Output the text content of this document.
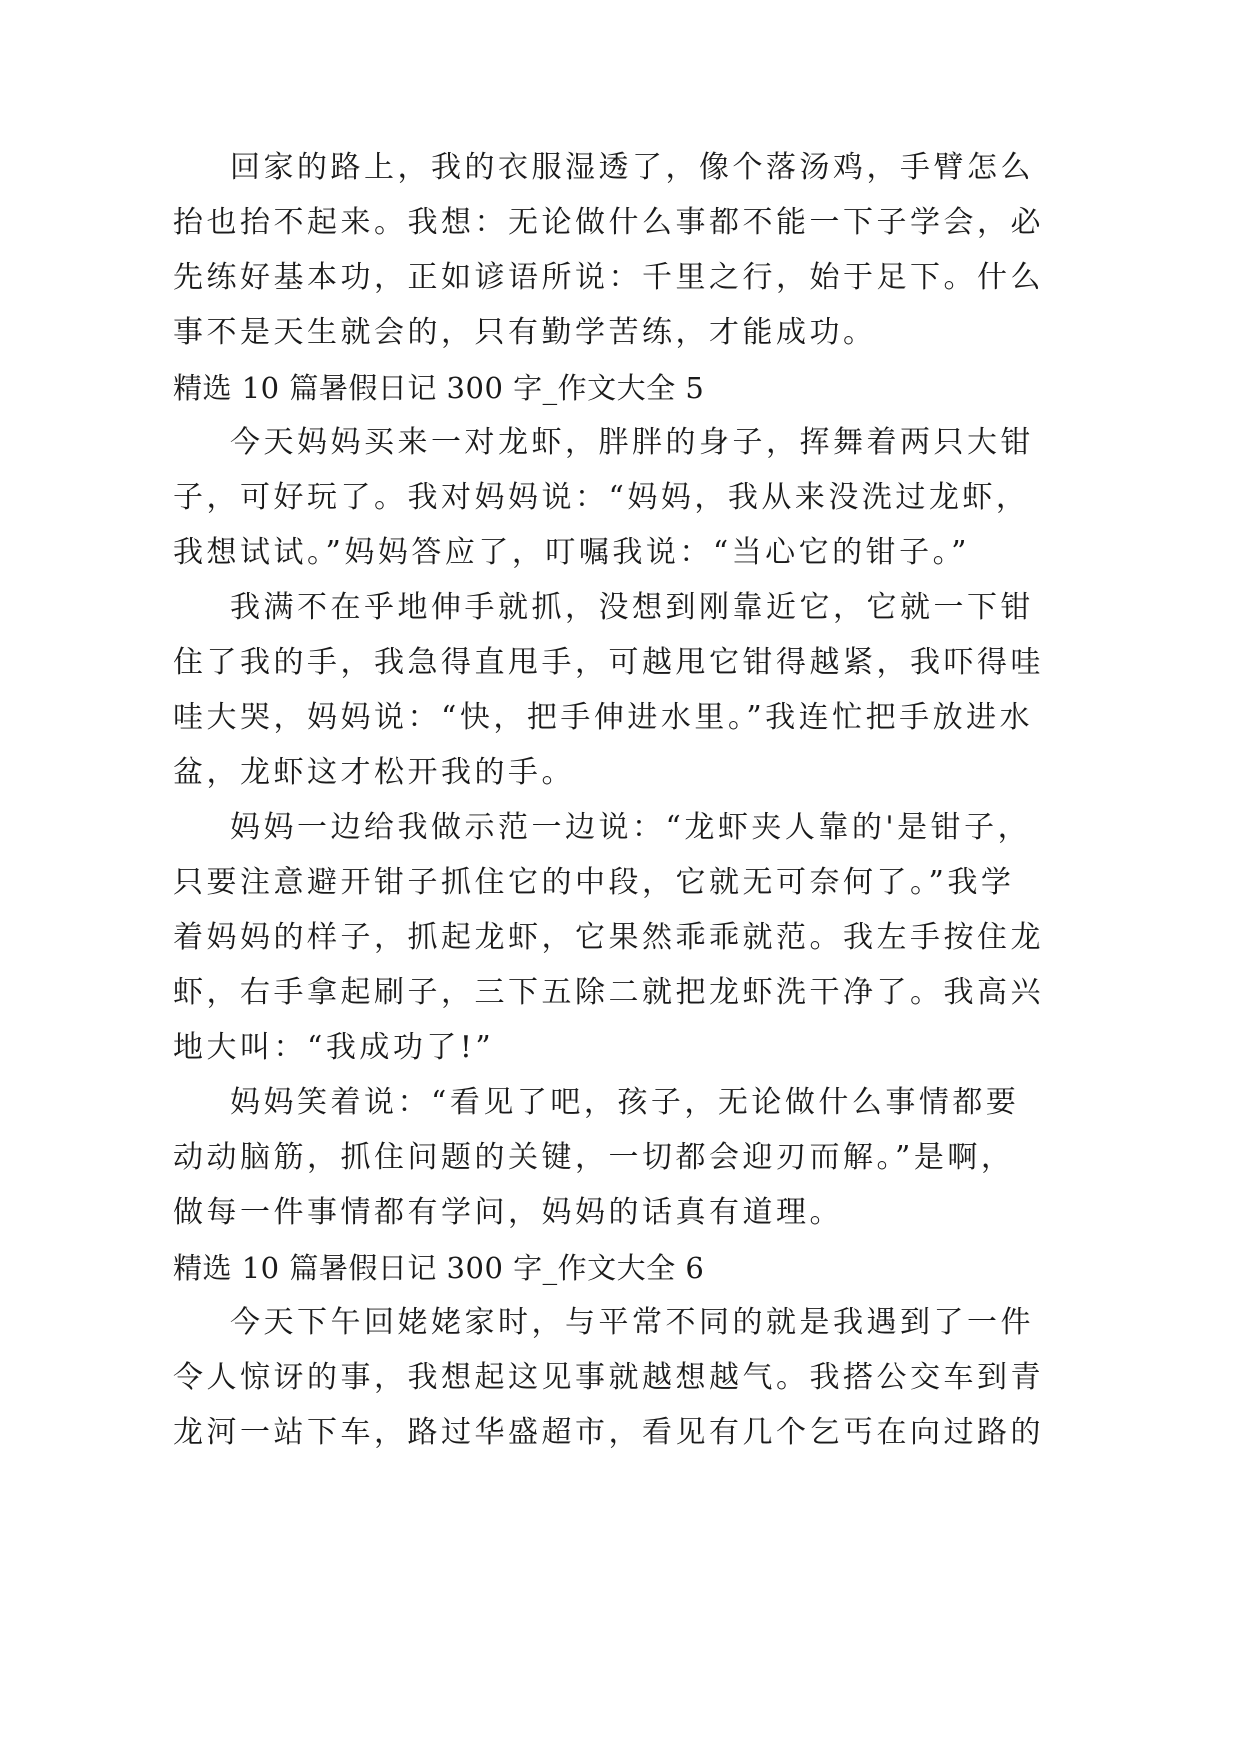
回家的路上，我的衣服湿透了，像个落汤鸡，手臂怎么
抬也抬不起来。我想：无论做什么事都不能一下子学会，必
先练好基本功，正如谚语所说：千里之行，始于足下。什么
事不是天生就会的，只有勤学苦练，才能成功。
精选 10 篇暑假日记 300 字_作文大全 5
今天妈妈买来一对龙虾，胖胖的身子，挥舞着两只大钳
子，可好玩了。我对妈妈说：“妈妈，我从来没洗过龙虾，
我想试试。”妈妈答应了，叮嘱我说：“当心它的钳子。”
我满不在乎地伸手就抓，没想到刚靠近它，它就一下钳
住了我的手，我急得直甩手，可越甩它钳得越紧，我吓得哇
哇大哭，妈妈说：“快，把手伸进水里。”我连忙把手放进水
盆，龙虾这才松开我的手。
妈妈一边给我做示范一边说：“龙虾夹人靠的'是钳子，
只要注意避开钳子抓住它的中段，它就无可奈何了。”我学
着妈妈的样子，抓起龙虾，它果然乖乖就范。我左手按住龙
虾，右手拿起刷子，三下五除二就把龙虾洗干净了。我高兴
地大叫：“我成功了!”
妈妈笑着说：“看见了吧，孩子，无论做什么事情都要
动动脑筋，抓住问题的关键，一切都会迎刃而解。”是啊，
做每一件事情都有学问，妈妈的话真有道理。
精选 10 篇暑假日记 300 字_作文大全 6
今天下午回姥姥家时，与平常不同的就是我遇到了一件
令人惊讶的事，我想起这见事就越想越气。我搭公交车到青
龙河一站下车，路过华盛超市，看见有几个乞丐在向过路的
